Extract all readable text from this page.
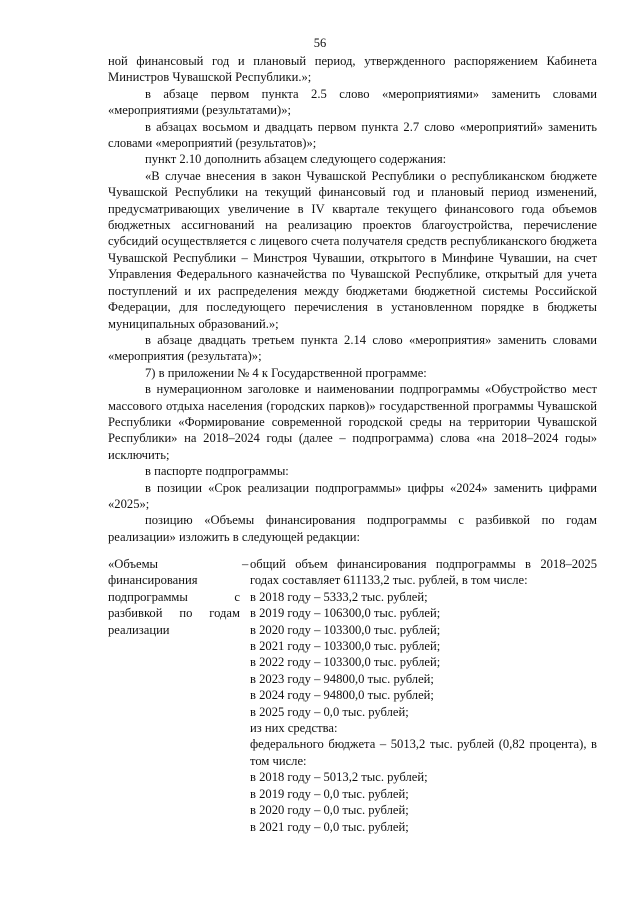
56

ной финансовый год и плановый период, утвержденного распоряжением Кабинета Министров Чувашской Республики.»;

в абзаце первом пункта 2.5 слово «мероприятиями» заменить словами «мероприятиями (результатами)»;

в абзацах восьмом и двадцать первом пункта 2.7 слово «мероприятий» заменить словами «мероприятий (результатов)»;

пункт 2.10 дополнить абзацем следующего содержания:

«В случае внесения в закон Чувашской Республики о республиканском бюджете Чувашской Республики на текущий финансовый год и плановый период изменений, предусматривающих увеличение в IV квартале текущего финансового года объемов бюджетных ассигнований на реализацию проектов благоустройства, перечисление субсидий осуществляется с лицевого счета получателя средств республиканского бюджета Чувашской Республики – Минстроя Чувашии, открытого в Минфине Чувашии, на счет Управления Федерального казначейства по Чувашской Республике, открытый для учета поступлений и их распределения между бюджетами бюджетной системы Российской Федерации, для последующего перечисления в установленном порядке в бюджеты муниципальных образований.»;

в абзаце двадцать третьем пункта 2.14 слово «мероприятия» заменить словами «мероприятия (результата)»;

7) в приложении № 4 к Государственной программе:

в нумерационном заголовке и наименовании подпрограммы «Обустройство мест массового отдыха населения (городских парков)» государственной программы Чувашской Республики «Формирование современной городской среды на территории Чувашской Республики» на 2018–2024 годы (далее – подпрограмма) слова «на 2018–2024 годы» исключить;

в паспорте подпрограммы:

в позиции «Срок реализации подпрограммы» цифры «2024» заменить цифрами «2025»;

позицию «Объемы финансирования подпрограммы с разбивкой по годам реализации» изложить в следующей редакции:

«Объемы финансирования подпрограммы с разбивкой по годам реализации
– общий объем финансирования подпрограммы в 2018–2025 годах составляет 611133,2 тыс. рублей, в том числе:

в 2018 году – 5333,2 тыс. рублей;

в 2019 году – 106300,0 тыс. рублей;

в 2020 году – 103300,0 тыс. рублей;

в 2021 году – 103300,0 тыс. рублей;

в 2022 году – 103300,0 тыс. рублей;

в 2023 году – 94800,0 тыс. рублей;

в 2024 году – 94800,0 тыс. рублей;

в 2025 году – 0,0 тыс. рублей;

из них средства:

федерального бюджета – 5013,2 тыс. рублей (0,82 процента), в том числе:

в 2018 году – 5013,2 тыс. рублей;

в 2019 году – 0,0 тыс. рублей;

в 2020 году – 0,0 тыс. рублей;

в 2021 году – 0,0 тыс. рублей;
